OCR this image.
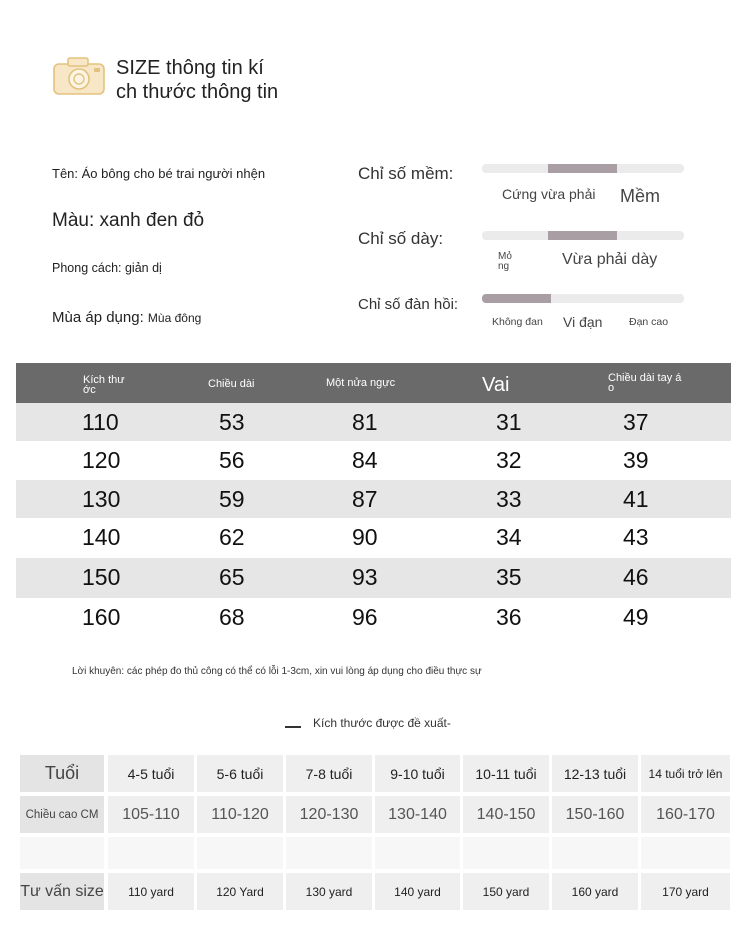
SIZE thông tin kí
ch thước thông tin
Tên: Áo bông cho bé trai người nhện
Màu: xanh đen đỏ
Phong cách: giản dị
Mùa áp dụng: Mùa đông
Chỉ số mềm:
Cứng vừa phải Mềm
Chỉ số dày:
Mỏ
ng	Vừa phải dày
Chỉ số đàn hồi:
Không đan Vi đạn	Đạn cao
Kích thư
ớc	Chiều dài	Một nửa ngực	Vai	Chiều dài tay á
o
110	53	81	31	37
120	56	84	32	39
130	59	87	33	41
140	62	90	34	43
150	65	93	35	46
160	68	96	36	49
Lời khuyên: các phép đo thủ công có thể có lỗi 1-3cm, xin vui lòng áp dụng cho điều thực sự
Kích thước được đề xuất-
Tuổi	4-5 tuổi	5-6 tuổi	7-8 tuổi	9-10 tuổi	10-11 tuổi	12-13 tuổi	14 tuổi trở lên
Chiều cao CM	105-110	110-120	120-130	130-140	140-150	150-160	160-170
Tư vấn size	110 yard	120 Yard	130 yard	140 yard	150 yard	160 yard	170 yard
